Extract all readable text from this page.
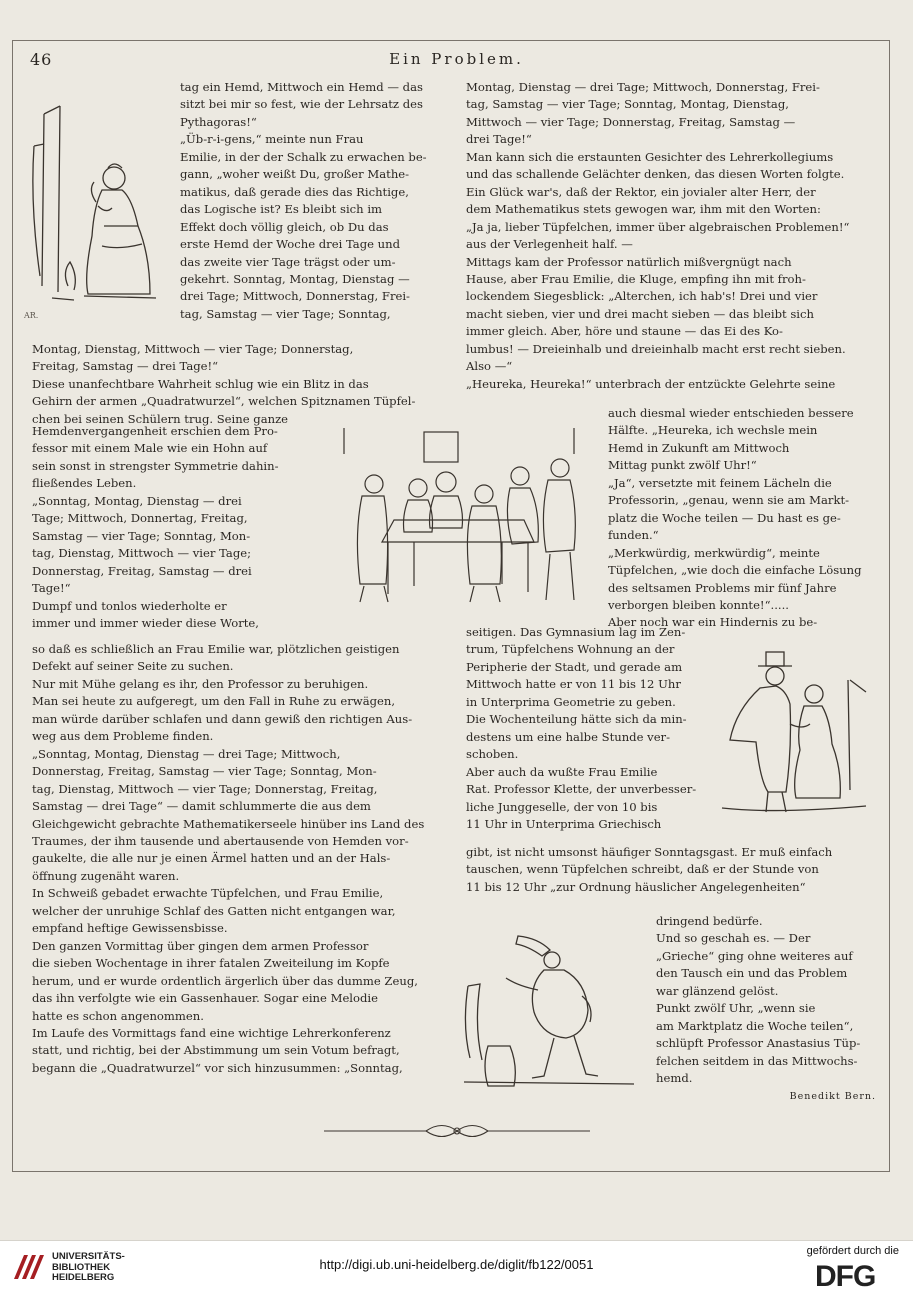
46	Ein Problem.
AR.

tag ein Hemd, Mittwoch ein Hemd — das
sitzt bei mir so fest, wie der Lehrsatz des
Pythagoras!“
„Üb-r-i-gens,“ meinte nun Frau
Emilie, in der der Schalk zu erwachen be-
gann, „woher weißt Du, großer Mathe-
matikus, daß gerade dies das Richtige,
das Logische ist? Es bleibt sich im
Effekt doch völlig gleich, ob Du das
erste Hemd der Woche drei Tage und
das zweite vier Tage trägst oder um-
gekehrt. Sonntag, Montag, Dienstag —
drei Tage; Mittwoch, Donnerstag, Frei-
tag, Samstag — vier Tage; Sonntag,

Montag, Dienstag, Mittwoch — vier Tage; Donnerstag,
Freitag, Samstag — drei Tage!“
Diese unanfechtbare Wahrheit schlug wie ein Blitz in das
Gehirn der armen „Quadratwurzel“, welchen Spitznamen Tüpfel-
chen bei seinen Schülern trug. Seine ganze

Hemdenvergangenheit erschien dem Pro-
fessor mit einem Male wie ein Hohn auf
sein sonst in strengster Symmetrie dahin-
fließendes Leben.
„Sonntag, Montag, Dienstag — drei
Tage; Mittwoch, Donnertag, Freitag,
Samstag — vier Tage; Sonntag, Mon-
tag, Dienstag, Mittwoch — vier Tage;
Donnerstag, Freitag, Samstag — drei
Tage!“
Dumpf und tonlos wiederholte er
immer und immer wieder diese Worte,

so daß es schließlich an Frau Emilie war, plötzlichen geistigen
Defekt auf seiner Seite zu suchen.
Nur mit Mühe gelang es ihr, den Professor zu beruhigen.
Man sei heute zu aufgeregt, um den Fall in Ruhe zu erwägen,
man würde darüber schlafen und dann gewiß den richtigen Aus-
weg aus dem Probleme finden.
„Sonntag, Montag, Dienstag — drei Tage; Mittwoch,
Donnerstag, Freitag, Samstag — vier Tage; Sonntag, Mon-
tag, Dienstag, Mittwoch — vier Tage; Donnerstag, Freitag,
Samstag — drei Tage“ — damit schlummerte die aus dem
Gleichgewicht gebrachte Mathematikerseele hinüber ins Land des
Traumes, der ihm tausende und abertausende von Hemden vor-
gaukelte, die alle nur je einen Ärmel hatten und an der Hals-
öffnung zugenäht waren.
In Schweiß gebadet erwachte Tüpfelchen, und Frau Emilie,
welcher der unruhige Schlaf des Gatten nicht entgangen war,
empfand heftige Gewissensbisse.
Den ganzen Vormittag über gingen dem armen Professor
die sieben Wochentage in ihrer fatalen Zweiteilung im Kopfe
herum, und er wurde ordentlich ärgerlich über das dumme Zeug,
das ihn verfolgte wie ein Gassenhauer. Sogar eine Melodie
hatte es schon angenommen.
Im Laufe des Vormittags fand eine wichtige Lehrerkonferenz
statt, und richtig, bei der Abstimmung um sein Votum befragt,
begann die „Quadratwurzel“ vor sich hinzusummen: „Sonntag,

Montag, Dienstag — drei Tage; Mittwoch, Donnerstag, Frei-
tag, Samstag — vier Tage; Sonntag, Montag, Dienstag,
Mittwoch — vier Tage; Donnerstag, Freitag, Samstag —
drei Tage!“
Man kann sich die erstaunten Gesichter des Lehrerkollegiums
und das schallende Gelächter denken, das diesen Worten folgte.
Ein Glück war's, daß der Rektor, ein jovialer alter Herr, der
dem Mathematikus stets gewogen war, ihm mit den Worten:
„Ja ja, lieber Tüpfelchen, immer über algebraischen Problemen!“
aus der Verlegenheit half. —
Mittags kam der Professor natürlich mißvergnügt nach
Hause, aber Frau Emilie, die Kluge, empfing ihn mit froh-
lockendem Siegesblick: „Alterchen, ich hab's! Drei und vier
macht sieben, vier und drei macht sieben — das bleibt sich
immer gleich. Aber, höre und staune — das Ei des Ko-
lumbus! — Dreieinhalb und dreieinhalb macht erst recht sieben.
Also —“
„Heureka, Heureka!“ unterbrach der entzückte Gelehrte seine

auch diesmal wieder entschieden bessere
Hälfte. „Heureka, ich wechsle mein
Hemd in Zukunft am Mittwoch
Mittag punkt zwölf Uhr!“
„Ja“, versetzte mit feinem Lächeln die
Professorin, „genau, wenn sie am Markt-
platz die Woche teilen — Du hast es ge-
funden.“
„Merkwürdig, merkwürdig“, meinte
Tüpfelchen, „wie doch die einfache Lösung
des seltsamen Problems mir fünf Jahre
verborgen bleiben konnte!“.....
Aber noch war ein Hindernis zu be-

seitigen. Das Gymnasium lag im Zen-
trum, Tüpfelchens Wohnung an der
Peripherie der Stadt, und gerade am
Mittwoch hatte er von 11 bis 12 Uhr
in Unterprima Geometrie zu geben.
Die Wochenteilung hätte sich da min-
destens um eine halbe Stunde ver-
schoben.
Aber auch da wußte Frau Emilie
Rat. Professor Klette, der unverbesser-
liche Junggeselle, der von 10 bis
11 Uhr in Unterprima Griechisch

gibt, ist nicht umsonst häufiger Sonntagsgast. Er muß einfach
tauschen, wenn Tüpfelchen schreibt, daß er der Stunde von
11 bis 12 Uhr „zur Ordnung häuslicher Angelegenheiten“

dringend bedürfe.
Und so geschah es. — Der
„Grieche“ ging ohne weiteres auf
den Tausch ein und das Problem
war glänzend gelöst.
Punkt zwölf Uhr, „wenn sie
am Marktplatz die Woche teilen“,
schlüpft Professor Anastasius Tüp-
felchen seitdem in das Mittwochs-
hemd.

Benedikt Bern.

UNIVERSITÄTS-
BIBLIOTHEK
HEIDELBERG
http://digi.ub.uni-heidelberg.de/diglit/fb122/0051
gefördert durch die
DFG
